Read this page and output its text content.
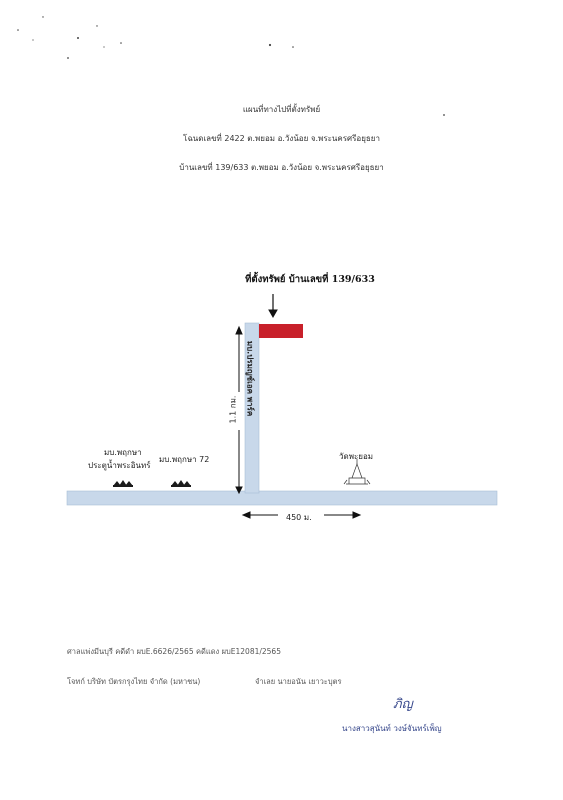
แผนที่ทางไปที่ตั้งทรัพย์
โฉนดเลขที่ 2422 ต.พยอม อ.วังน้อย จ.พระนครศรีอยุธยา
บ้านเลขที่ 139/633 ต.พยอม อ.วังน้อย จ.พระนครศรีอยุธยา
ที่ตั้งทรัพย์ บ้านเลขที่ 139/633
มบ.ปรมญช์เอค พาร์ค
1.1 กม.
450 ม.
มบ.พฤกษา
ประตูน้ำพระอินทร์
มบ.พฤกษา 72	วัดพะยอม
ศาลแพ่งมีนบุรี คดีดำ ผบE.6626/2565 คดีแดง ผบE12081/2565
โจทก์ บริษัท บัตรกรุงไทย จำกัด (มหาชน)	จำเลย นายอนัน เยาวะบุตร
ภิญ
นางสาวสุนันท์ วงษ์จันทร์เพ็ญ
